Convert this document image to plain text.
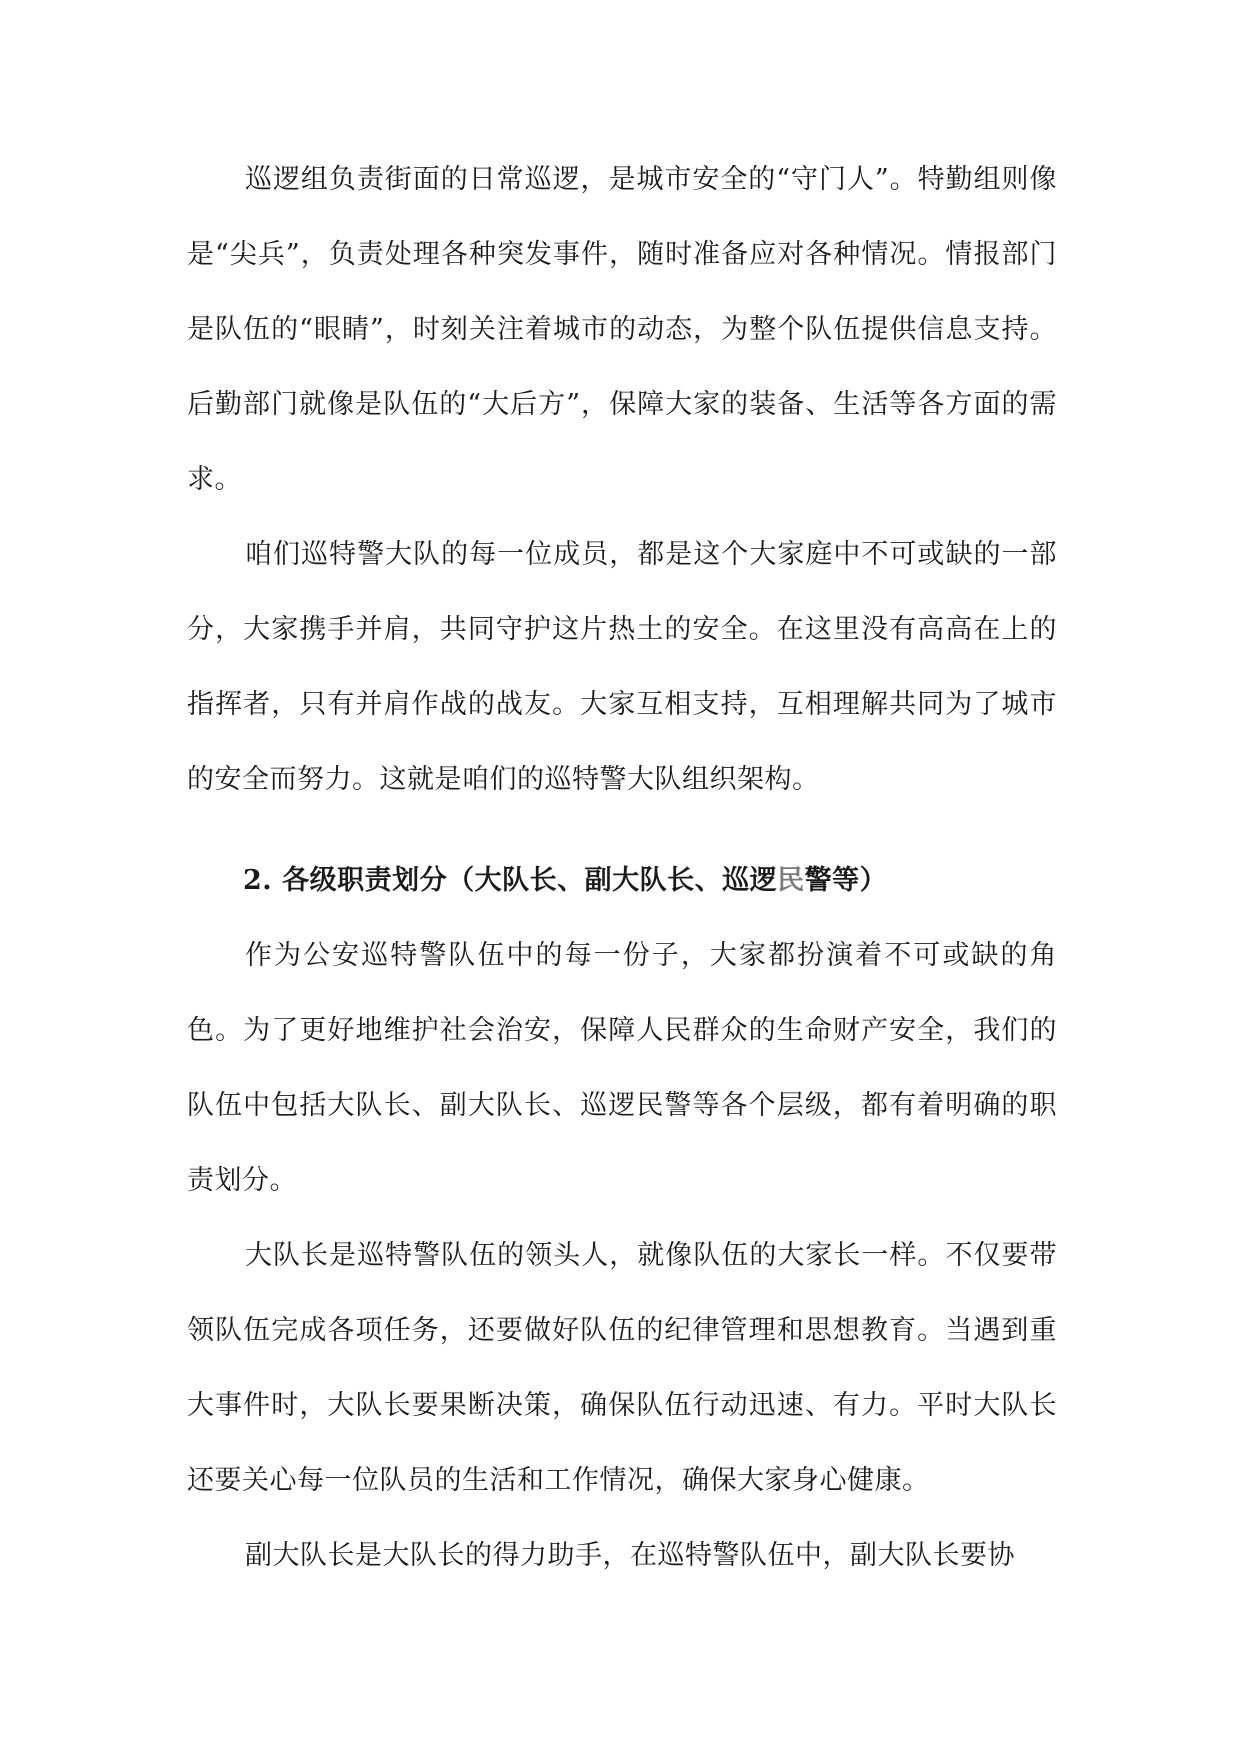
巡逻组负责街面的日常巡逻，是城市安全的“守门人”。特勤组则像是“尖兵”，负责处理各种突发事件，随时准备应对各种情况。情报部门是队伍的“眼睛”，时刻关注着城市的动态，为整个队伍提供信息支持。后勤部门就像是队伍的“大后方”，保障大家的装备、生活等各方面的需求。

咱们巡特警大队的每一位成员，都是这个大家庭中不可或缺的一部分，大家携手并肩，共同守护这片热土的安全。在这里没有高高在上的指挥者，只有并肩作战的战友。大家互相支持，互相理解共同为了城市的安全而努力。这就是咱们的巡特警大队组织架构。

2. 各级职责划分（大队长、副大队长、巡逻民警等）

作为公安巡特警队伍中的每一份子，大家都扮演着不可或缺的角色。为了更好地维护社会治安，保障人民群众的生命财产安全，我们的队伍中包括大队长、副大队长、巡逻民警等各个层级，都有着明确的职责划分。

大队长是巡特警队伍的领头人，就像队伍的大家长一样。不仅要带领队伍完成各项任务，还要做好队伍的纪律管理和思想教育。当遇到重大事件时，大队长要果断决策，确保队伍行动迅速、有力。平时大队长还要关心每一位队员的生活和工作情况，确保大家身心健康。

副大队长是大队长的得力助手，在巡特警队伍中，副大队长要协
